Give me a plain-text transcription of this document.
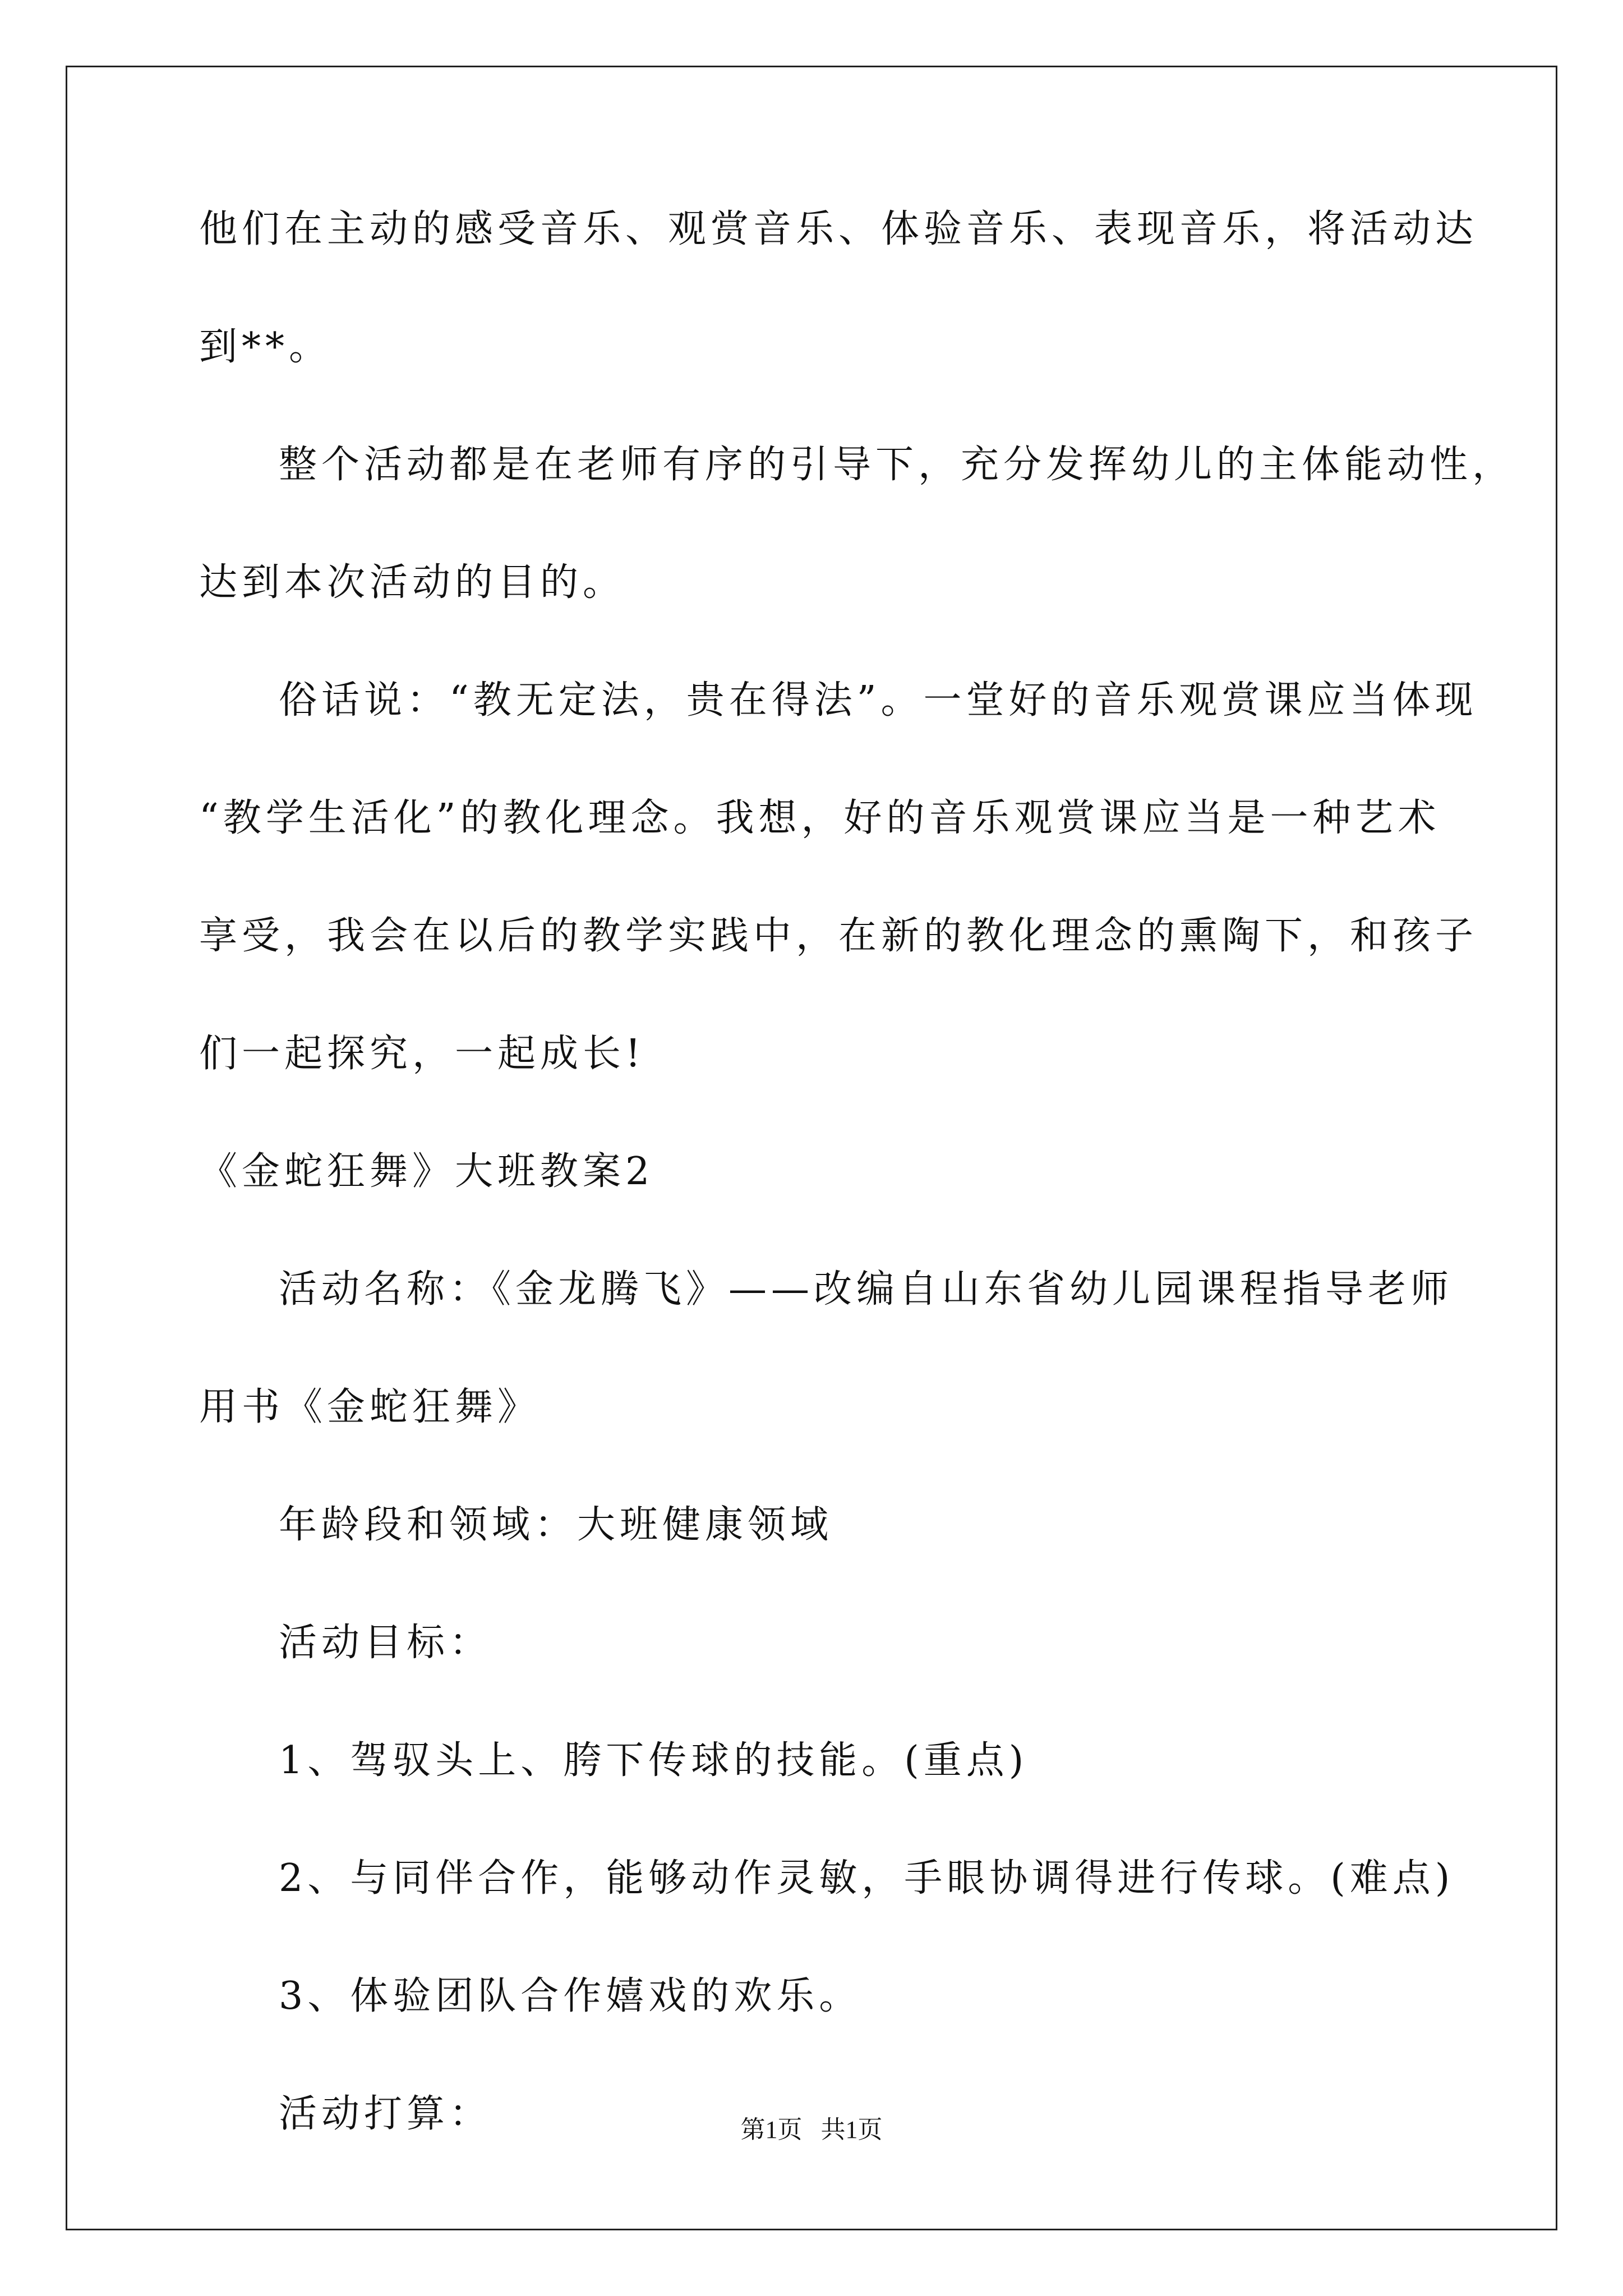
他们在主动的感受音乐、观赏音乐、体验音乐、表现音乐，将活动达
到**。
整个活动都是在老师有序的引导下，充分发挥幼儿的主体能动性，
达到本次活动的目的。
俗话说：“教无定法，贵在得法”。一堂好的音乐观赏课应当体现
“教学生活化”的教化理念。我想，好的音乐观赏课应当是一种艺术
享受，我会在以后的教学实践中，在新的教化理念的熏陶下，和孩子
们一起探究，一起成长!
《金蛇狂舞》大班教案2
活动名称：《金龙腾飞》——改编自山东省幼儿园课程指导老师
用书《金蛇狂舞》
年龄段和领域：大班健康领域
活动目标：
1、驾驭头上、胯下传球的技能。(重点)
2、与同伴合作，能够动作灵敏，手眼协调得进行传球。(难点)
3、体验团队合作嬉戏的欢乐。
活动打算：	第1页   共1页
